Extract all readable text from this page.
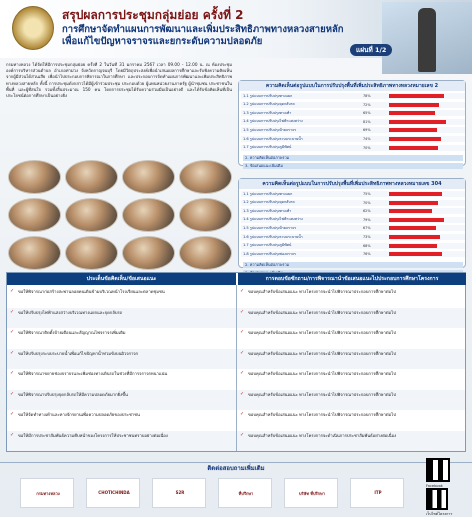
สรุปผลการประชุมกลุ่มย่อย ครั้งที่ 2
การศึกษาจัดทำแผนการพัฒนาและเพิ่มประสิทธิภาพทางหลวงสายหลัก
เพื่อแก้ไขปัญหาจราจรและยกระดับความปลอดภัย
แผ่นที่ 1/2
กรมทางหลวง ได้จัดให้มีการประชุมกลุ่มย่อย ครั้งที่ 2 ในวันที่ 31 มกราคม 2567 เวลา 09.00 - 12.00 น. ณ ห้องประชุมองค์การบริหารส่วนตำบล อำเภอท่าม่วง จังหวัดกาญจนบุรี โดยมีวัตถุประสงค์เพื่อนำเสนอผลการศึกษาและรับฟังความคิดเห็นจากผู้มีส่วนได้ส่วนเสีย เพื่อนำไปประกอบการพิจารณาในการศึกษา และประกอบการจัดทำแผนการพัฒนาและเพิ่มประสิทธิภาพทางหลวงสายหลัก ทั้งนี้ การประชุมดังกล่าวได้มีผู้เข้าร่วมประชุม ประกอบด้วย ผู้แทนหน่วยงานภาครัฐ ผู้นำชุมชน ประชาชนในพื้นที่ และผู้ที่สนใจ รวมทั้งสิ้นประมาณ 150 คน โดยการประชุมได้รับความร่วมมือเป็นอย่างดี และได้รับข้อคิดเห็นที่เป็นประโยชน์ต่อการศึกษาเป็นอย่างยิ่ง
ความคิดเห็นต่อรูปแบบในการปรับปรุงพื้นที่เพิ่มประสิทธิภาพทางหลวงหมายเลข 2
1.1 รูปแบบการปรับปรุงทางแยก	78%
1.2 รูปแบบการปรับปรุงจุดกลับรถ	72%
1.3 รูปแบบการปรับปรุงทางเท้า	65%
1.4 รูปแบบการปรับปรุงไฟฟ้าแสงสว่าง	81%
1.5 รูปแบบการปรับปรุงป้ายจราจร	69%
1.6 รูปแบบการปรับปรุงระบบระบายน้ำ	74%
1.7 รูปแบบการปรับปรุงภูมิทัศน์	70%
2. ความคิดเห็นต่อภาพรวม
3. ข้อเสนอแนะเพิ่มเติม
ความคิดเห็นต่อรูปแบบในการปรับปรุงพื้นที่เพิ่มประสิทธิภาพทางหลวงหมายเลข 304
1.1 รูปแบบการปรับปรุงทางแยก	75%
1.2 รูปแบบการปรับปรุงจุดกลับรถ	70%
1.3 รูปแบบการปรับปรุงทางเท้า	62%
1.4 รูปแบบการปรับปรุงไฟฟ้าแสงสว่าง	79%
1.5 รูปแบบการปรับปรุงป้ายจราจร	67%
1.6 รูปแบบการปรับปรุงระบบระบายน้ำ	73%
1.7 รูปแบบการปรับปรุงภูมิทัศน์	68%
1.8 รูปแบบการปรับปรุงช่องจราจร	76%
2. ความคิดเห็นต่อภาพรวม
ประเด็นข้อคิดเห็น/ข้อเสนอแนะ	การตอบข้อซักถาม/การพิจารณานำข้อเสนอแนะไปประกอบการศึกษาโครงการ
✓ ขอให้พิจารณาก่อสร้างสะพานลอยคนเดินข้ามบริเวณหน้าโรงเรียนและตลาดชุมชน	✓ ขอบคุณสำหรับข้อเสนอแนะ ทางโครงการจะนำไปพิจารณาประกอบการศึกษาต่อไป
✓ ขอให้ปรับปรุงไฟฟ้าแสงสว่างบริเวณทางแยกและจุดกลับรถ	✓ ขอบคุณสำหรับข้อเสนอแนะ ทางโครงการจะนำไปพิจารณาประกอบการศึกษาต่อไป
✓ ขอให้พิจารณาติดตั้งป้ายเตือนและสัญญาณไฟจราจรเพิ่มเติม	✓ ขอบคุณสำหรับข้อเสนอแนะ ทางโครงการจะนำไปพิจารณาประกอบการศึกษาต่อไป
✓ ขอให้ปรับปรุงระบบระบายน้ำเพื่อแก้ไขปัญหาน้ำท่วมขังบนผิวจราจร	✓ ขอบคุณสำหรับข้อเสนอแนะ ทางโครงการจะนำไปพิจารณาประกอบการศึกษาต่อไป
✓ ขอให้พิจารณาขยายช่องจราจรและเพิ่มช่องทางเดินรถในช่วงที่มีการจราจรหนาแน่น	✓ ขอบคุณสำหรับข้อเสนอแนะ ทางโครงการจะนำไปพิจารณาประกอบการศึกษาต่อไป
✓ ขอให้พิจารณาปรับปรุงจุดกลับรถให้มีความปลอดภัยมากยิ่งขึ้น	✓ ขอบคุณสำหรับข้อเสนอแนะ ทางโครงการจะนำไปพิจารณาประกอบการศึกษาต่อไป
✓ ขอให้จัดทำทางเท้าและทางจักรยานเพื่อความปลอดภัยของประชาชน	✓ ขอบคุณสำหรับข้อเสนอแนะ ทางโครงการจะนำไปพิจารณาประกอบการศึกษาต่อไป
✓ ขอให้มีการประชาสัมพันธ์ความคืบหน้าของโครงการให้ประชาชนทราบอย่างต่อเนื่อง	✓ ขอบคุณสำหรับข้อเสนอแนะ ทางโครงการจะดำเนินการประชาสัมพันธ์อย่างต่อเนื่อง
ติดต่อสอบถามเพิ่มเติม
กรมทางหลวง	CHOTICHINDA	S2R	ที่ปรึกษา	บริษัท ที่ปรึกษา	ITP
Facebook
เว็บไซต์โครงการ
